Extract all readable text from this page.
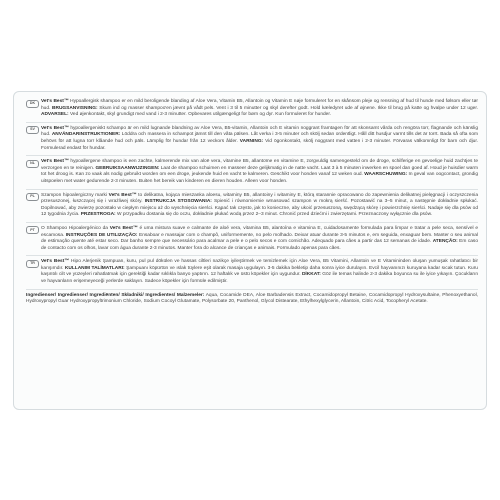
DK	Vet's Best™ Hypoallergisk shampoo er en mild beroligende blanding af Aloe Vera, Vitamin B5, Allantoin og Vitamin E nøje formuleret for en skånsom pleje og rensning af hud til hunde med følsom eller tør hud. BRUGSANVISNING: Skum ind og masser shampoo'en jævnt på vådt pels. Vent i 3 til 5 minutter og skyl derefter godt. Hold kæledyret ude af øjnene. Ikke til brug på katte og hvalpe under 12 uger. ADVARSEL: Ved øjenkontakt, skyl grundigt med vand i 2-3 minutter. Opbevares utilgængeligt for børn og dyr. Kun formuleret for hunder.
SV	Vet's Best™ hypoallergeniskt schampo är en mild lugnande blandning av Aloe Vera, B5-vitamin, Allantoin och E vitamin noggrant framtagen för att skonsamt vårda och rengöra torr, flagnande och känslig hud. ANVÄNDARINSTRUKTIONER: Löddra och massera in schampot jämnt till den våta pälsen. Låt verka i 3-5 minuter och skölj sedan ordentligt. Håll ditt husdjur varmt tills det är torrt. Bada så ofta som behövs för att lugna torr klåande hud och päls. Lämplig för hundar från 12 veckors ålder. VARNING: Vid ögonkontakt, skölj noggrant med vatten i 2-3 minuter. Förvaras välkomnligt för barn och djur. Formulerad endast för hundar.
NL	Vet's Best™ hypoallergene shampoo is een zachte, kalmerende mix van aloë vera, vitamine B5, allantoïne en vitamine E, zorgvuldig samengesteld om de droge, schilferige en gevoelige huid zachtjes te verzorgen en te reinigen. GEBRUIKSAANWIJZINGEN: Laat de shampoo schuimen en masseer deze gelijkmatig in de natte vacht. Laat 3 à 5 minuten inwerken en spoel dan goed af. Houd je huisdier warm tot het droog is. Kan zo vaak als nodig gebruikt worden om een droge, jeukende huid en vacht te kalmeren. Geschikt voor honden vanaf 12 weken oud. WAARSCHUWING: In geval van oogcontact, grondig uitspoelen met water gedurende 2-3 minuten. Buiten het bereik van kinderen en dieren houden. Alleen voor honden.
PL	Szampon hipoalergiczny marki Vet's Best™ to delikatna, kojąca mieszanka aloesu, witaminy B5, allantoiny i witaminy E, którą starannie opracowano do zapewnienia delikatnej pielęgnacji i oczyszczenia przesuszonej, łuszczącej się i wrażliwej skóry. INSTRUKCJA STOSOWANIA: Spienić i równomiernie wmasować szampon w mokrą sierść. Pozostawić na 3–5 minut, a następnie dokładnie spłukać. Dopilnować, aby zwierzę pozostało w ciepłym miejscu aż do wyschnięcia sierści. Kąpać tak często, jak to konieczne, aby ukoić przesuszoną, swędzącą skórę i powierzchnię sierści. Nadaje się dla psów od 12 tygodnia życia. PRZESTROGA: W przypadku dostania się do oczu, dokładnie płukać wodą przez 2–3 minut. Chronić przed dziećmi i zwierzętami. Przeznaczony wyłącznie dla psów.
PT	O Shampoo Hipoalergénico da Vet's Best™ é uma mistura suave e calmante de aloé vera, vitamina B5, alantoína e vitamina E, cuidadosamente formulada para limpar e tratar a pele seca, sensível e escamosa. INSTRUÇÕES DE UTILIZAÇÃO: Ensaboar e massajar com o champô, uniformemente, no pelo molhado. Deixar atuar durante 3-5 minutos e, em seguida, enxaguar bem. Manter o seu animal de estimação quente até estar seco. Dar banho sempre que necessário para acalmar a pele e o pelo secos e com comichão. Adequado para cães a partir das 12 semanas de idade. ATENÇÃO: Em caso de contacto com os olhos, lavar com água durante 2-3 minutos. Manter fora do alcance de crianças e animais. Formulado apenas para cães.
TR	Vet's Best™ Hipo Alerjenik Şampuan, kuru, pul pul dökülen ve hassas ciltleri nazikçe iyileştirmek ve temizlemek için Aloe Vera, B5 Vitamini, Allantoin ve E Vitamininden oluşan yumuşak rahatlatıcı bir karışımdır. KULLANIM TALİMATLARI: Şampuanı köpürtün ve ıslak tüylere eşit olarak masaja uygulayın. 3-5 dakika bekletip daha sonra iyice durulayın. Evcil hayvanınızı kuruyana kadar sıcak tutun. Kuru kaşıntılı cilt ve yüzeyleri rahatlatmak için gerektiği kadar sıklıkla banyo yaptırın. 12 haftalık ve üstü köpekler için uygundur. DİKKAT: Göz ile temas halinde 2-3 dakika boyunca su ile iyice yıkayın. Çocukların ve hayvanların erişemeyeceği yerlerde saklayın. Sadece köpekler için formüle edilmiştir.
Ingredienser/ Ingredienser/ Ingrediënten/ Składniki/ Ingredientes/ Malzemeler: Aqua, Cocamide DEA, Aloe Barbadensis Extract, Cocamidopropyl Betaine, Cocamidopropyl Hydroxysultaine, Phenoxyethanol, Hydroxypropyl Guar Hydroxypropyltrimonium Chloride, Sodium Cocoyl Glutamate, Polysorbate 20, Panthenol, Glycol Distearate, Ethylhexylglycerin, Allantoin, Citric Acid, Tocopheryl Acetate.
